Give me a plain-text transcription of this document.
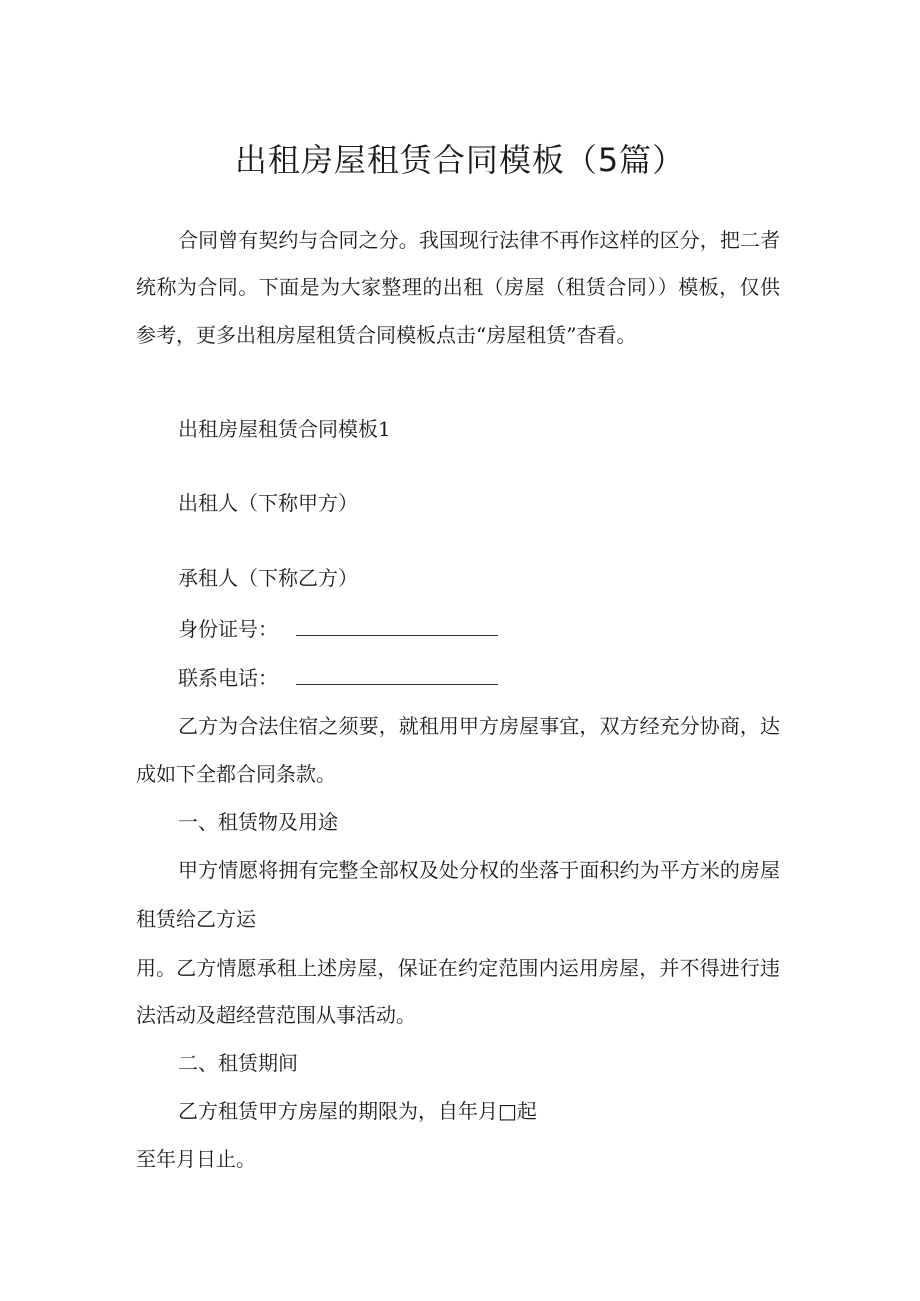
出租房屋租赁合同模板（5篇）
合同曾有契约与合同之分。我国现行法律不再作这样的区分，把二者
统称为合同。下面是为大家整理的出租（房屋（租赁合同））模板，仅供
参考，更多出租房屋租赁合同模板点击“房屋租赁”杳看。
出租房屋租赁合同模板1
出租人（下称甲方）
承租人（下称乙方）
身份证号：
联系电话：
乙方为合法住宿之须要，就租用甲方房屋事宜，双方经充分协商，达
成如下全都合同条款。
一、租赁物及用途
甲方情愿将拥有完整全部权及处分权的坐落于面积约为平方米的房屋
租赁给乙方运
用。乙方情愿承租上述房屋，保证在约定范围内运用房屋，并不得进行违
法活动及超经营范围从事活动。
二、租赁期间
乙方租赁甲方房屋的期限为，自年月□起
至年月日止。
